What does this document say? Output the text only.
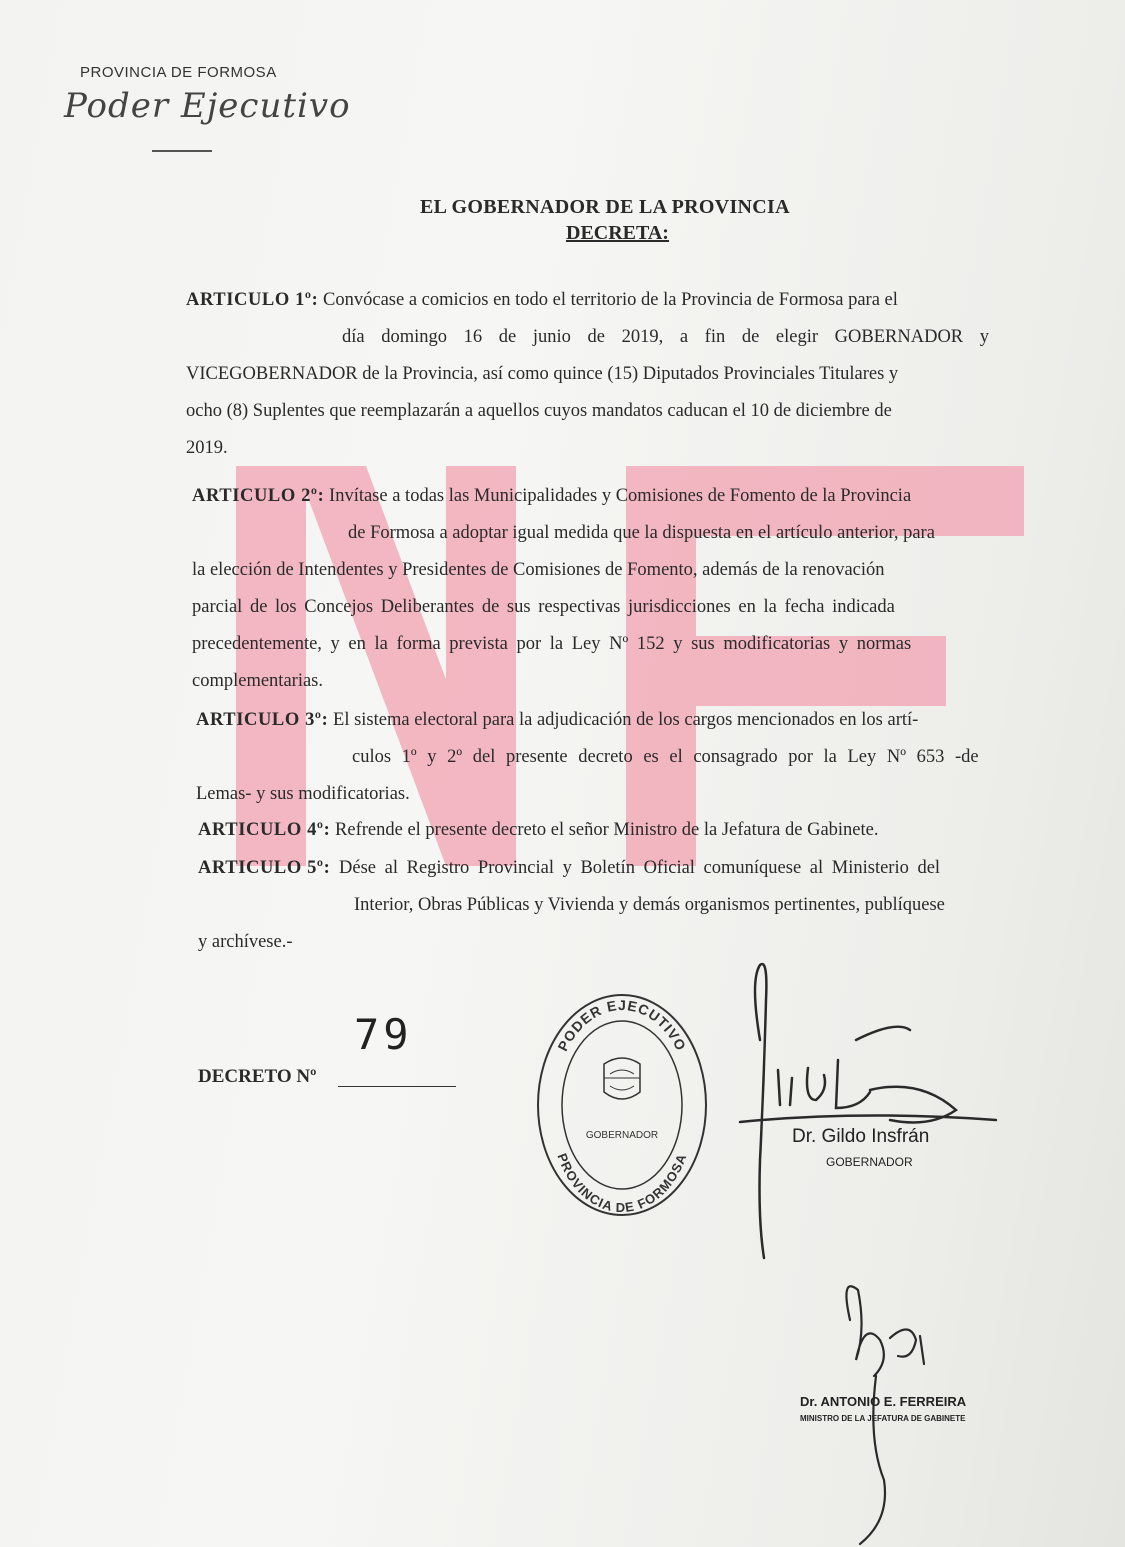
PROVINCIA DE FORMOSA
Poder Ejecutivo
EL GOBERNADOR DE LA PROVINCIA
DECRETA:
ARTICULO 1º: Convócase a comicios en todo el territorio de la Provincia de Formosa para el
día domingo 16 de junio de 2019, a fin de elegir GOBERNADOR y
VICEGOBERNADOR de la Provincia, así como quince (15) Diputados Provinciales Titulares y
ocho (8) Suplentes que reemplazarán a aquellos cuyos mandatos caducan el 10 de diciembre de
2019.
ARTICULO 2º: Invítase a todas las Municipalidades y Comisiones de Fomento de la Provincia
de Formosa a adoptar igual medida que la dispuesta en el artículo anterior, para
la elección de Intendentes y Presidentes de Comisiones de Fomento, además de la renovación
parcial de los Concejos Deliberantes de sus respectivas jurisdicciones en la fecha indicada
precedentemente, y en la forma prevista por la Ley Nº 152 y sus modificatorias y normas
complementarias.
ARTICULO 3º: El sistema electoral para la adjudicación de los cargos mencionados en los artí-
culos 1º y 2º del presente decreto es el consagrado por la Ley Nº 653 -de
Lemas- y sus modificatorias.
ARTICULO 4º: Refrende el presente decreto el señor Ministro de la Jefatura de Gabinete.
ARTICULO 5º: Dése al Registro Provincial y Boletín Oficial comuníquese al Ministerio del
Interior, Obras Públicas y Vivienda y demás organismos pertinentes, publíquese
y archívese.-
79
DECRETO Nº
PODER EJECUTIVO
PROVINCIA DE FORMOSA
GOBERNADOR	Dr. Gildo Insfrán
GOBERNADOR
Dr. ANTONIO E. FERREIRA
MINISTRO DE LA JEFATURA DE GABINETE
